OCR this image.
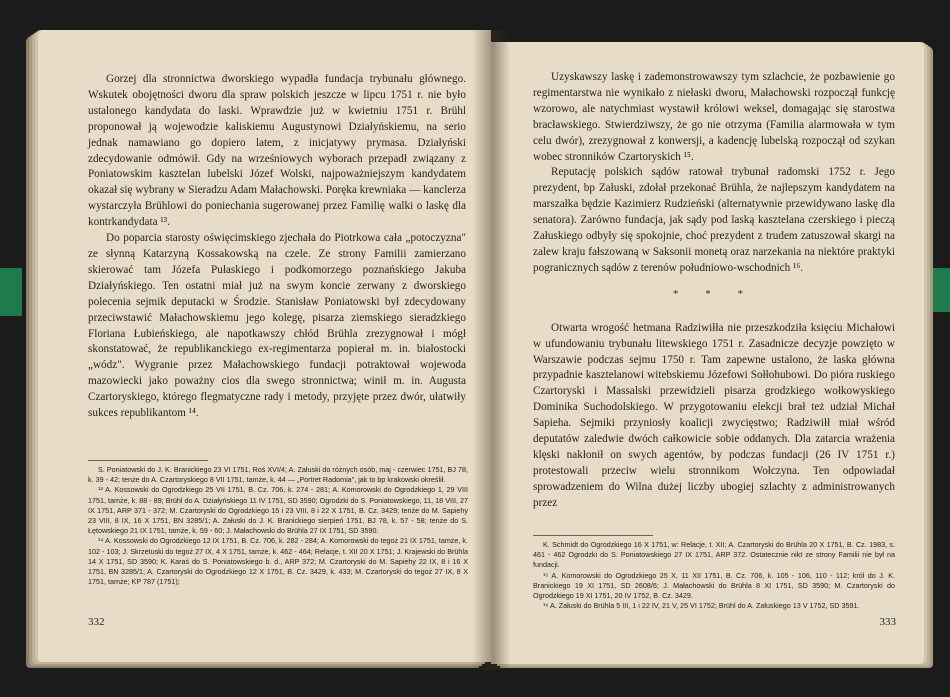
Gorzej dla stronnictwa dworskiego wypadła fundacja trybunału głównego. Wskutek obojętności dworu dla spraw polskich jeszcze w lipcu 1751 r. nie było ustalonego kandydata do laski. Wprawdzie już w kwietniu 1751 r. Brühl proponował ją wojewodzie kaliskiemu Augustynowi Działyńskiemu, na serio jednak namawiano go dopiero latem, z inicjatywy prymasa. Działyński zdecydowanie odmówił. Gdy na wrześniowych wyborach przepadł związany z Poniatowskim kasztelan lubelski Józef Wolski, najpoważniejszym kandydatem okazał się wybrany w Sieradzu Adam Małachowski. Poręka krewniaka — kanclerza wystarczyła Brühlowi do poniechania sugerowanej przez Familię walki o laskę dla kontrkandydata ¹³.

Do poparcia starosty oświęcimskiego zjechała do Piotrkowa cała „potoczyzna" ze słynną Katarzyną Kossakowską na czele. Ze strony Familii zamierzano skierować tam Józefa Pułaskiego i podkomorzego poznańskiego Jakuba Działyńskiego. Ten ostatni miał już na swym koncie zerwany z dworskiego polecenia sejmik deputacki w Środzie. Stanisław Poniatowski był zdecydowany przeciwstawić Małachowskiemu jego kolegę, pisarza ziemskiego sieradzkiego Floriana Łubieńskiego, ale napotkawszy chłód Brühla zrezygnował i mógł skonstatować, że republikanckiego ex-regimentarza popierał m. in. białostocki „wódz". Wygranie przez Małachowskiego fundacji potraktował wojewoda mazowiecki jako poważny cios dla swego stronnictwa; winił m. in. Augusta Czartoryskiego, którego flegmatyczne rady i metody, przyjęte przez dwór, ułatwiły sukces republikantom ¹⁴.

S. Poniatowski do J. K. Branickiego 23 VI 1751, Roś XVI/4; A. Załuski do różnych osób, maj - czerwiec 1751, BJ 78, k. 39 - 42; tenże do A. Czartoryskiego 8 VII 1751, tamże, k. 44 — „Portret Radomia", jak to bp krakowski określił.

¹³ A. Kossowski do Ogrodzkiego 25 VII 1751, B. Cz. 706, k. 274 - 281; A. Komorowski do Ogrodzkiego 1, 29 VIII 1751, tamże, k. 88 - 89; Brühl do A. Działyńskiego 11 IV 1751, SD 3590; Ogrodzki do S. Poniatowskiego, 11, 18 VIII, 27 IX 1751, ARP 371 - 372; M. Czartoryski do Ogrodzkiego 15 i 23 VIII, 8 i 22 X 1751, B. Cz. 3429; tenże do M. Sapiehy 23 VIII, 8 IX, 16 X 1751, BN 3285/1; A. Załuski do J. K. Branickiego sierpień 1751, BJ 78, k. 57 - 58; tenże do S. Łętowskiego 21 IX 1751, tamże, k. 59 - 60; J. Małachowski do Brühla 27 IX 1751, SD 3590.

¹⁴ A. Kossowski do Ogrodzkiego 12 IX 1751, B. Cz. 706, k. 282 - 284; A. Komorowski do tegoż 21 IX 1751, tamże, k. 102 - 103; J. Skrzetuski do tegoż 27 IX, 4 X 1751, tamże, k. 462 - 464; Relacje, t. XII 20 X 1751; J. Krajewski do Brühla 14 X 1751, SD 3590; K. Karaś do S. Poniatowskiego b. d., ARP 372; M. Czartoryski do M. Sapiehy 22 IX, 8 i 16 X 1751, BN 3285/1; A. Czartoryski do Ogrodzkiego 12 X 1751, B. Cz. 3429, k. 433; M. Czartoryski do tegoż 27 IX, 8 X 1751, tamże; KP 787 (1751);

332

Uzyskawszy laskę i zademonstrowawszy tym szlachcie, że pozbawienie go regimentarstwa nie wynikało z niełaski dworu, Małachowski rozpoczął funkcję wzorowo, ale natychmiast wystawił królowi weksel, domagając się starostwa bracławskiego. Stwierdziwszy, że go nie otrzyma (Familia alarmowała w tym celu dwór), zrezygnował z konwersji, a kadencję lubelską rozpoczął od szykan wobec stronników Czartoryskich ¹⁵.

Reputację polskich sądów ratował trybunał radomski 1752 r. Jego prezydent, bp Załuski, zdołał przekonać Brühla, że najlepszym kandydatem na marszałka będzie Kazimierz Rudzieński (alternatywnie przewidywano laskę dla senatora). Zarówno fundacja, jak sądy pod laską kasztelana czerskiego i pieczą Załuskiego odbyły się spokojnie, choć prezydent z trudem zatuszował skargi na zalew kraju fałszowaną w Saksonii monetą oraz narzekania na niektóre praktyki pogranicznych sądów z terenów południowo-wschodnich ¹⁶.

* * *

Otwarta wrogość hetmana Radziwiłła nie przeszkodziła księciu Michałowi w ufundowaniu trybunału litewskiego 1751 r. Zasadnicze decyzje powzięto w Warszawie podczas sejmu 1750 r. Tam zapewne ustalono, że laska główna przypadnie kasztelanowi witebskiemu Józefowi Sołłohubowi. Do pióra ruskiego Czartoryski i Massalski przewidzieli pisarza grodzkiego wołkowyskiego Dominika Suchodolskiego. W przygotowaniu elekcji brał też udział Michał Sapieha. Sejmiki przyniosły koalicji zwycięstwo; Radziwiłł miał wśród deputatów zaledwie dwóch całkowicie sobie oddanych. Dla zatarcia wrażenia klęski nakłonił on swych agentów, by podczas fundacji (26 IV 1751 r.) protestowali przeciw wielu stronnikom Wołczyna. Ten odpowiadał sprowadzeniem do Wilna dużej liczby ubogiej szlachty z administrowanych przez

K. Schmidt do Ogrodzkiego 16 X 1751, w: Relacje, t. XII; A. Czartoryski do Brühla 20 X 1751, B. Cz. 1983, s. 461 - 462 Ogrodzki do S. Poniatowskiego 27 IX 1751, ARP 372. Ostatecznie nikt ze strony Familii nie był na fundacji.

¹⁵ A. Komorowski do Ogrodzkiego 25 X, 11 XII 1751, B. Cz. 706, k. 105 - 106, 110 - 112; król do J. K. Branickiego 19 XI 1751, SD 2608/6; J. Małachowski do Brühla 8 XI 1751, SD 3590; M. Czartoryski do Ogrodzkiego 19 XI 1751, 20 IV 1752, B. Cz. 3429.

¹⁶ A. Załuski do Brühla 5 III, 1 i 22 IV, 21 V, 25 VI 1752; Brühl do A. Załuskiego 13 V 1752, SD 3591.

333
